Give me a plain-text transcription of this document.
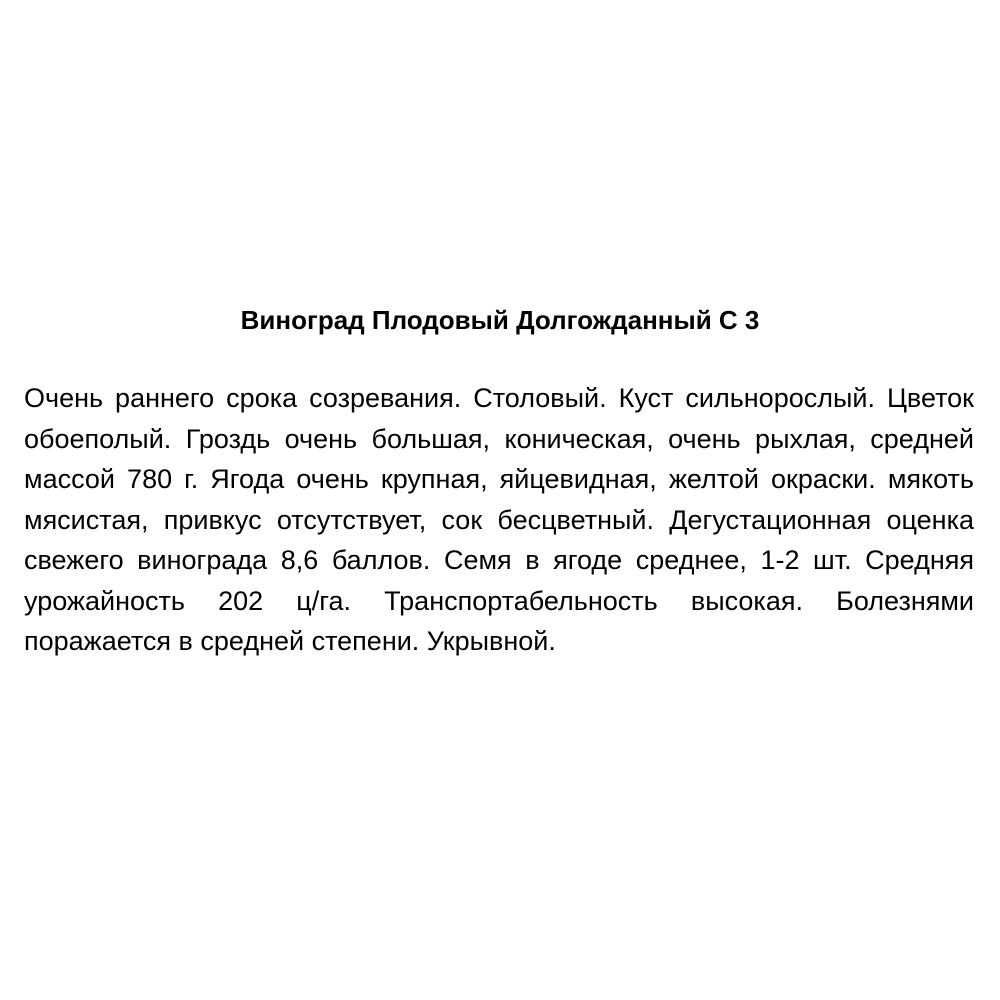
Виноград Плодовый Долгожданный С 3

Очень раннего срока созревания. Столовый. Куст сильнорослый. Цветок обоеполый. Гроздь очень большая, коническая, очень рыхлая, средней массой 780 г. Ягода очень крупная, яйцевидная, желтой окраски. мякоть мясистая, привкус отсутствует, сок бесцветный. Дегустационная оценка свежего винограда 8,6 баллов. Семя в ягоде среднее, 1-2 шт. Средняя урожайность 202 ц/га. Транспортабельность высокая. Болезнями поражается в средней степени. Укрывной.
